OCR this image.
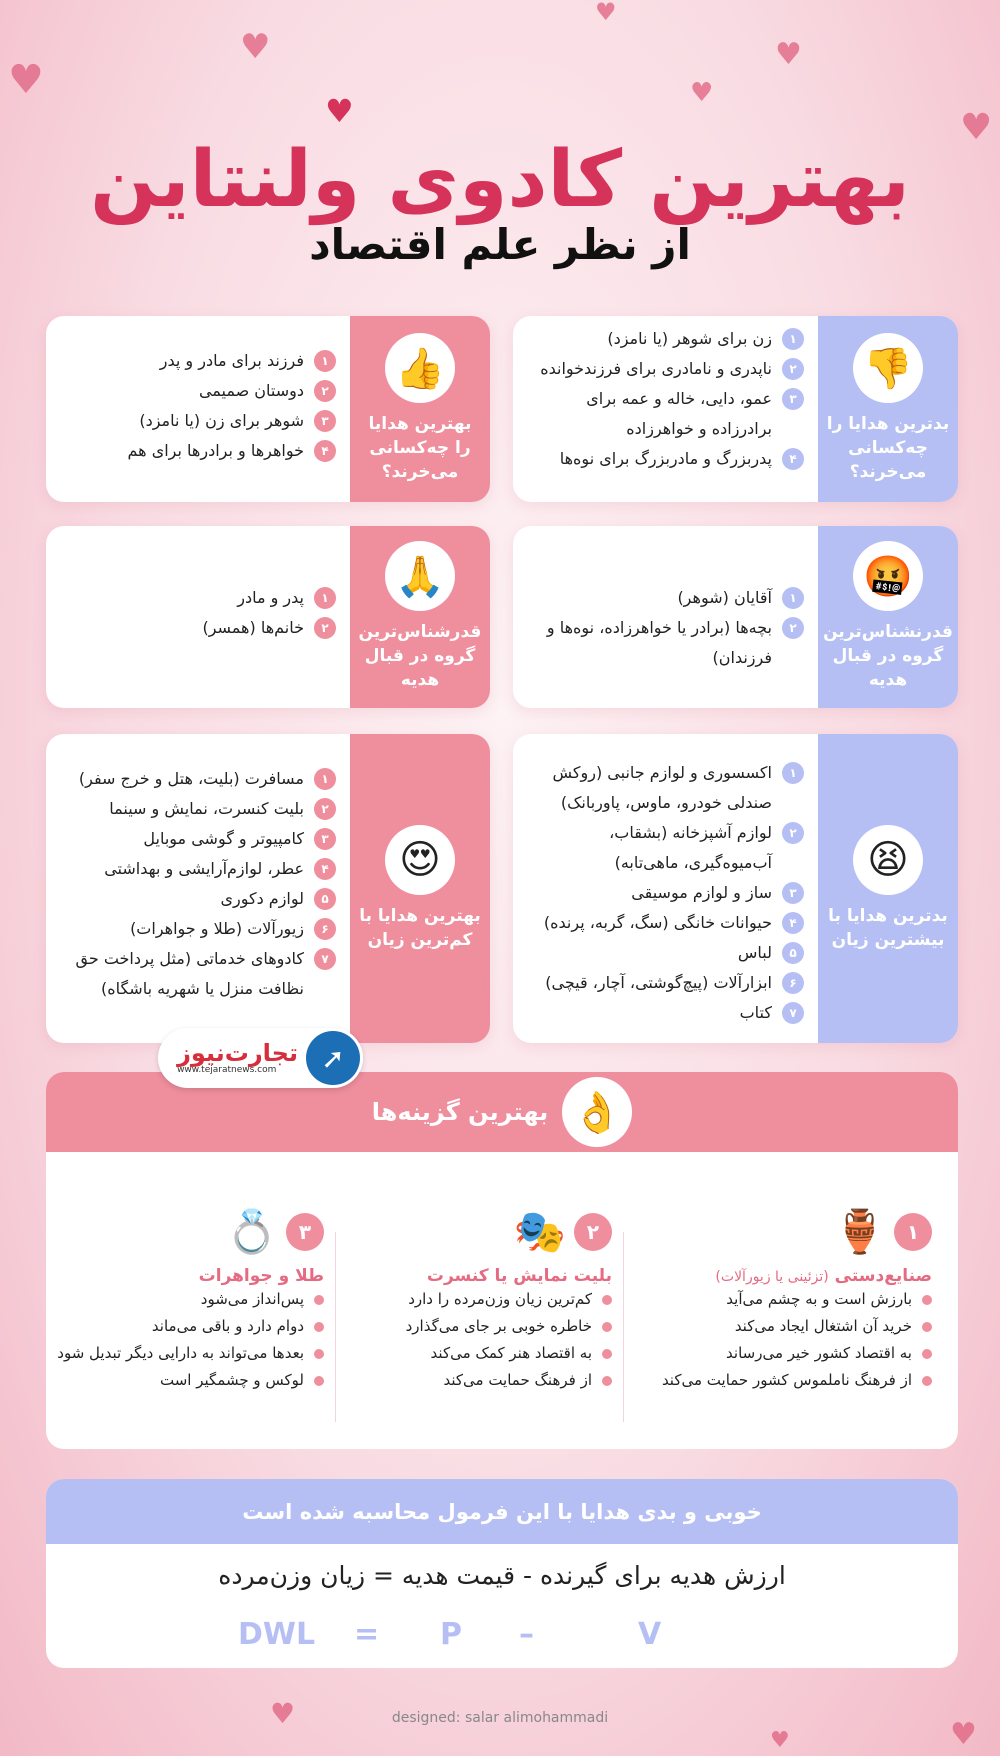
♥
♥
♥
♥
♥
♥
♥
♥
♥
♥
بهترین کادوی ولنتاین
از نظر علم اقتصاد
👎
بدترین هدایا را چه‌کسانی می‌خرند؟
۱
زن برای شوهر (یا نامزد)
۲
ناپدری و نامادری برای فرزندخوانده
۳
عمو، دایی، خاله و عمه برای برادرزاده و خواهرزاده
۴
پدربزرگ و مادربزرگ برای نوه‌ها
👍
بهترین هدایا را چه‌کسانی می‌خرند؟
۱
فرزند برای مادر و پدر
۲
دوستان صمیمی
۳
شوهر برای زن (یا نامزد)
۴
خواهرها و برادرها برای هم
🤬
قدرنشناس‌ترین گروه در قبال هدیه
۱
آقایان (شوهر)
۲
بچه‌ها (برادر یا خواهرزاده، نوه‌ها و فرزندان)
🙏
قدرشناس‌ترین گروه در قبال هدیه
۱
پدر و مادر
۲
خانم‌ها (همسر)
😫
بدترین هدایا با بیشترین زیان
۱
اکسسوری و لوازم جانبی (روکش صندلی خودرو، ماوس، پاوربانک)
۲
لوازم آشپزخانه (بشقاب، آب‌میوه‌گیری، ماهی‌تابه)
۳
ساز و لوازم موسیقی
۴
حیوانات خانگی (سگ، گربه، پرنده)
۵
لباس
۶
ابزارآلات (پیچ‌گوشتی، آچار، قیچی)
۷
کتاب
😍
بهترین هدایا با کم‌ترین زیان
۱
مسافرت (بلیت، هتل و خرج سفر)
۲
بلیت کنسرت، نمایش و سینما
۳
کامپیوتر و گوشی موبایل
۴
عطر، لوازم‌آرایشی و بهداشتی
۵
لوازم دکوری
۶
زیورآلات (طلا و جواهرات)
۷
کادوهای خدماتی (مثل پرداخت حق نظافت منزل یا شهریه باشگاه)
👌
بهترین گزینه‌ها
۱
🏺
صنایع‌دستی (تزئینی یا زیورآلات)
بارزش است و به چشم می‌آید
خرید آن اشتغال ایجاد می‌کند
به اقتصاد کشور خیر می‌رساند
از فرهنگ ناملموس کشور حمایت می‌کند
۲
🎭
بلیت نمایش یا کنسرت
کم‌ترین زیان وزن‌مرده را دارد
خاطره خوبی بر جای می‌گذارد
به اقتصاد هنر کمک می‌کند
از فرهنگ حمایت می‌کند
۳
💍
طلا و جواهرات
پس‌انداز می‌شود
دوام دارد و باقی می‌ماند
بعدها می‌تواند به دارایی دیگر تبدیل شود
لوکس و چشمگیر است
➚
تجارت‌نیوز
www.tejaratnews.com
خوبی و بدی هدایا با این فرمول محاسبه شده است
ارزش هدیه برای گیرنده - قیمت هدیه = زیان وزن‌مرده
DWL = P –	V
designed: salar alimohammadi
